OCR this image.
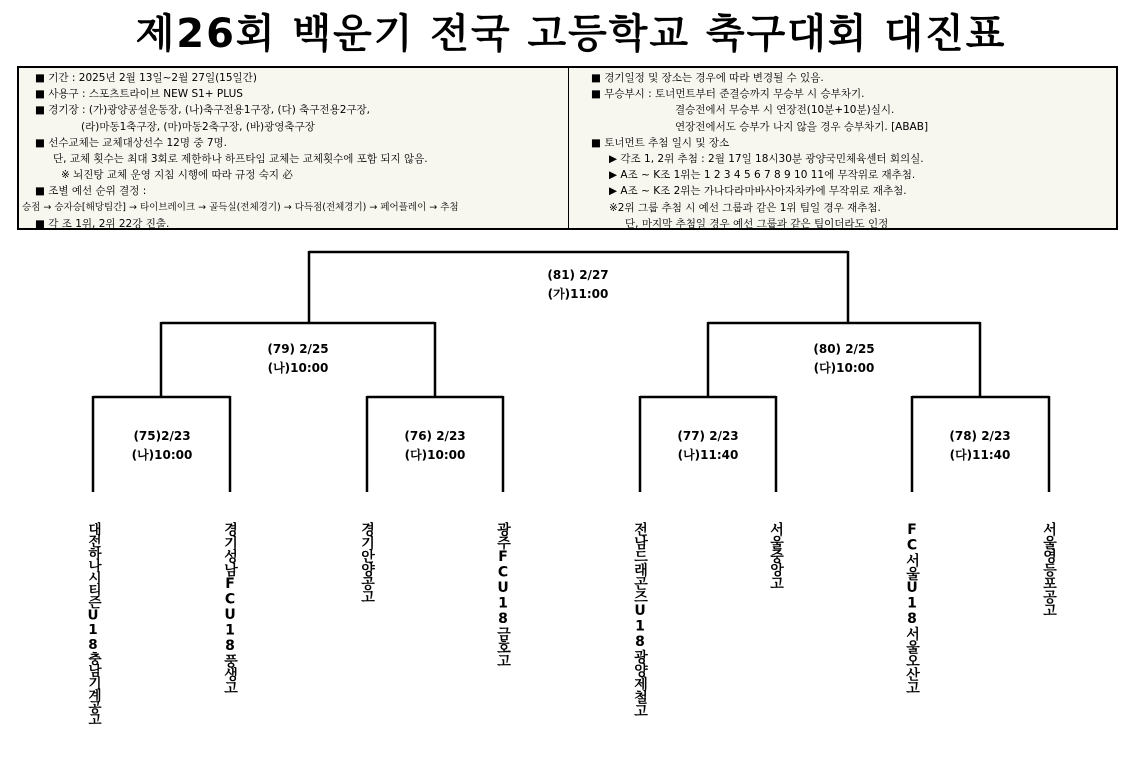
제26회 백운기 전국 고등학교 축구대회 대진표
■ 기간 : 2025년 2월 13일~2월 27일(15일간)
■ 사용구 : 스포츠트라이브 NEW S1+ PLUS
■ 경기장 : (가)광양공설운동장, (나)축구전용1구장, (다) 축구전용2구장,
(라)마동1축구장, (마)마동2축구장, (바)광영축구장
■ 선수교체는 교체대상선수 12명 중 7명.
단, 교체 횟수는 최대 3회로 제한하나 하프타임 교체는 교체횟수에 포함 되지 않음.
※ 뇌진탕 교체 운영 지침 시행에 따라 규정 숙지 必
■ 조별 예선 순위 결정 :
승점 → 승자승[해당팀간] → 타이브레이크 → 골득실(전체경기) → 다득점(전체경기) → 페어플레이 → 추첨
■ 각 조 1위, 2위 22강 진출.
■ 경기일정 및 장소는 경우에 따라 변경될 수 있음.
■ 무승부시 : 토너먼트부터 준결승까지 무승부 시 승부차기.
결승전에서 무승부 시 연장전(10분+10분)실시.
연장전에서도 승부가 나지 않을 경우 승부차기. [ABAB]
■ 토너먼트 추첨 일시 및 장소
▶ 각조 1, 2위 추첨 : 2월 17일 18시30분 광양국민체육센터 회의실.
▶ A조 ~ K조 1위는 1 2 3 4 5 6 7 8 9 10 11에 무작위로 재추첨.
▶ A조 ~ K조 2위는 가나다라마바사아자차카에 무작위로 재추첨.
※2위 그룹 추첨 시 예선 그룹과 같은 1위 팀일 경우 재추첨.
단, 마지막 추첨일 경우 예선 그룹과 같은 팀이더라도 인정
(81) 2/27
(가)11:00
(79) 2/25
(나)10:00
(80) 2/25
(다)10:00
(75)2/23
(나)10:00
(76) 2/23
(다)10:00
(77) 2/23
(나)11:40
(78) 2/23
(다)11:40
대전하나시티즌U18충남기계공고	경기성남FCU18풍생고	경기안양공고	광주FCU18금호고	전남드래곤즈U18광양제철고	서울중앙고	FC서울U18서울오산고	서울영등포공고
